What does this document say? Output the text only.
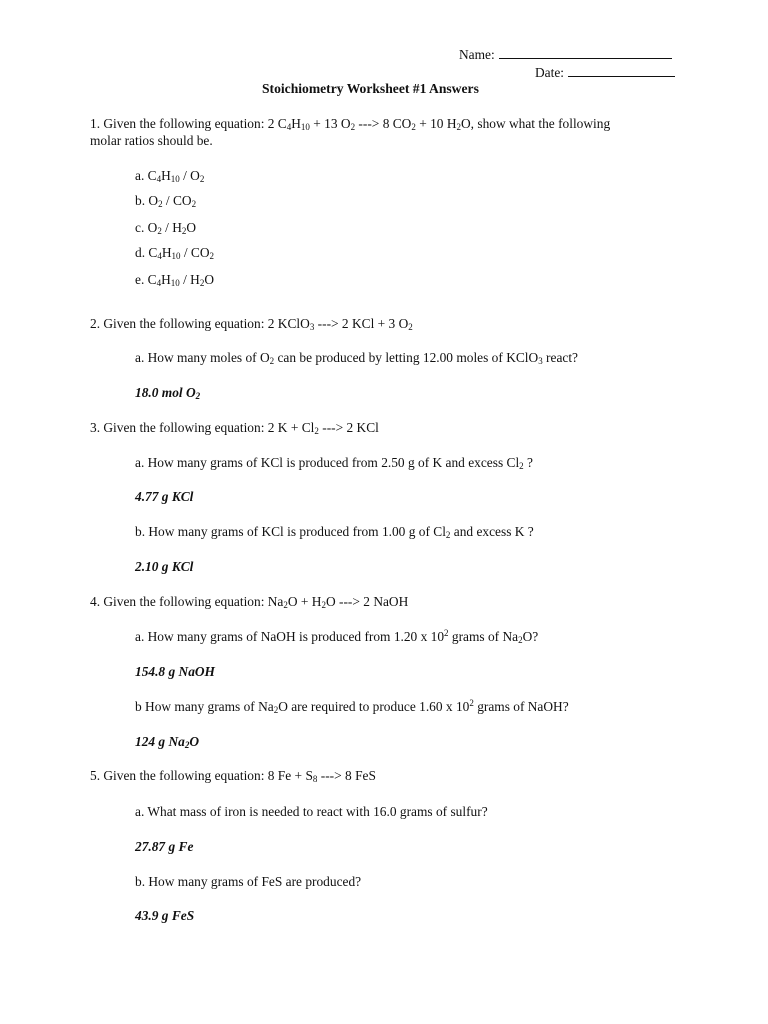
Name:
Date:
Stoichiometry Worksheet #1 Answers
1. Given the following equation: 2 $C_4H_{10} + 13$ $O_2$ ---> 8 $CO_2 + 10$ $H_2O$, show what the following
molar ratios should be.
a. $C_4H_{10} / O_2$
b. $O_2 / CO_2$
c. $O_2 / H_2O$
d. $C_4H_{10} / CO_2$
e. $C_4H_{10} / H_2O$
2. Given the following equation: 2 KClO$_3$ ---> 2 KCl + 3 $O_2$
a. How many moles of $O_2$ can be produced by letting 12.00 moles of KClO$_3$ react?
18.0 mol $O_2$
3. Given the following equation: 2 $K + Cl_2$ ---> 2 KCl
a. How many grams of KCl is produced from 2.50 g of K and excess $Cl_2$ ?
4.77 g KCl
b. How many grams of KCl is produced from 1.00 g of $Cl_2$ and excess K ?
2.10 g KCl
4. Given the following equation: $Na_2O + H_2O$ ---> 2 NaOH
a. How many grams of NaOH is produced from 1.20 x $10^2$ grams of $Na_2O$?
154.8 g NaOH
b How many grams of $Na_2O$ are required to produce 1.60 x $10^2$ grams of NaOH?
124 g $Na_2O$
5. Given the following equation: 8 $Fe + S_8$ ---> 8 FeS
a. What mass of iron is needed to react with 16.0 grams of sulfur?
27.87 g Fe
b. How many grams of FeS are produced?
43.9 g FeS
